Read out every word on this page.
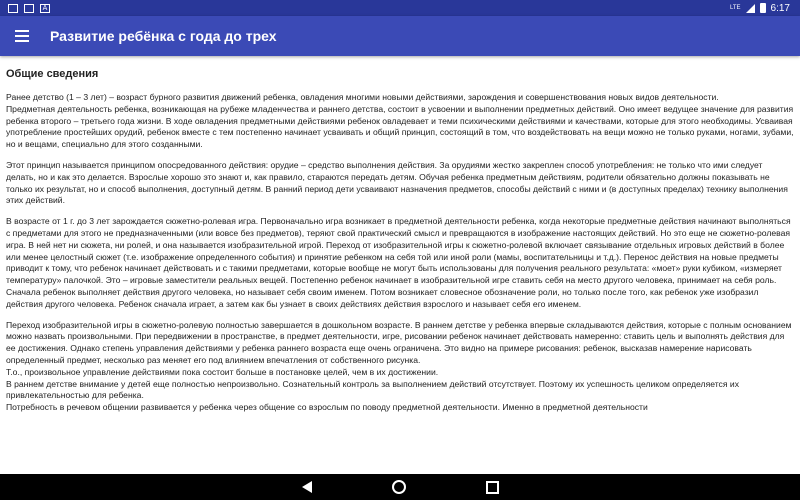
A	LTE	6:17
Развитие ребёнка с года до трех
Общие сведения

Ранее детство (1 – 3 лет) – возраст бурного развития движений ребенка, овладения многими новыми действиями, зарождения и совершенствования новых видов деятельности.

Предметная деятельность ребенка, возникающая на рубеже младенчества и раннего детства, состоит в усвоении и выполнении предметных действий. Оно имеет ведущее значение для развития ребенка второго – третьего года жизни. В ходе овладения предметными действиями ребенок овладевает и теми психическими действиями и качествами, которые для этого необходимы. Усваивая употребление простейших орудий, ребенок вместе с тем постепенно начинает усваивать и общий принцип, состоящий в том, что воздействовать на вещи можно не только руками, ногами, зубами, но и вещами, специально для этого созданными.

Этот принцип называется принципом опосредованного действия: орудие – средство выполнения действия. За орудиями жестко закреплен способ употребления: не только что ими следует делать, но и как это делается. Взрослые хорошо это знают и, как правило, стараются передать детям. Обучая ребенка предметным действиям, родители обязательно должны показывать не только их результат, но и способ выполнения, доступный детям. В ранний период дети усваивают назначения предметов, способы действий с ними и (в доступных пределах) технику выполнения этих действий.

В возрасте от 1 г. до 3 лет зарождается сюжетно-ролевая игра. Первоначально игра возникает в предметной деятельности ребенка, когда некоторые предметные действия начинают выполняться с предметами для этого не предназначенными (или вовсе без предметов), теряют свой практический смысл и превращаются в изображение настоящих действий. Но это еще не сюжетно-ролевая игра. В ней нет ни сюжета, ни ролей, и она называется изобразительной игрой. Переход от изобразительной игры к сюжетно-ролевой включает связывание отдельных игровых действий в более или менее целостный сюжет (т.е. изображение определенного события) и принятие ребенком на себя той или иной роли (мамы, воспитательницы и т.д.). Перенос действия на новые предметы приводит к тому, что ребенок начинает действовать и с такими предметами, которые вообще не могут быть использованы для получения реального результата: «моет» руки кубиком, «измеряет температуру» палочкой. Это – игровые заместители реальных вещей. Постепенно ребенок начинает в изобразительной игре ставить себя на место другого человека, принимает на себя роль. Сначала ребенок выполняет действия другого человека, но называет себя своим именем. Потом возникает словесное обозначение роли, но только после того, как ребенок уже изобразил действия другого человека. Ребенок сначала играет, а затем как бы узнает в своих действиях действия взрослого и называет себя его именем.

Переход изобразительной игры в сюжетно-ролевую полностью завершается в дошкольном возрасте. В раннем детстве у ребенка впервые складываются действия, которые с полным основанием можно назвать произвольными. При передвижении в пространстве, в предмет деятельности, игре, рисовании ребенок начинает действовать намеренно: ставить цель и выполнять действия для ее достижения. Однако степень управления действиями у ребенка раннего возраста еще очень ограничена. Это видно на примере рисования: ребенок, высказав намерение нарисовать определенный предмет, несколько раз меняет его под влиянием впечатления от собственного рисунка.

Т.о., произвольное управление действиями пока состоит больше в постановке целей, чем в их достижении.

В раннем детстве внимание у детей еще полностью непроизвольно. Сознательный контроль за выполнением действий отсутствует. Поэтому их успешность целиком определяется их привлекательностью для ребенка.

Потребность в речевом общении развивается у ребенка через общение со взрослым по поводу предметной деятельности. Именно в предметной деятельности
